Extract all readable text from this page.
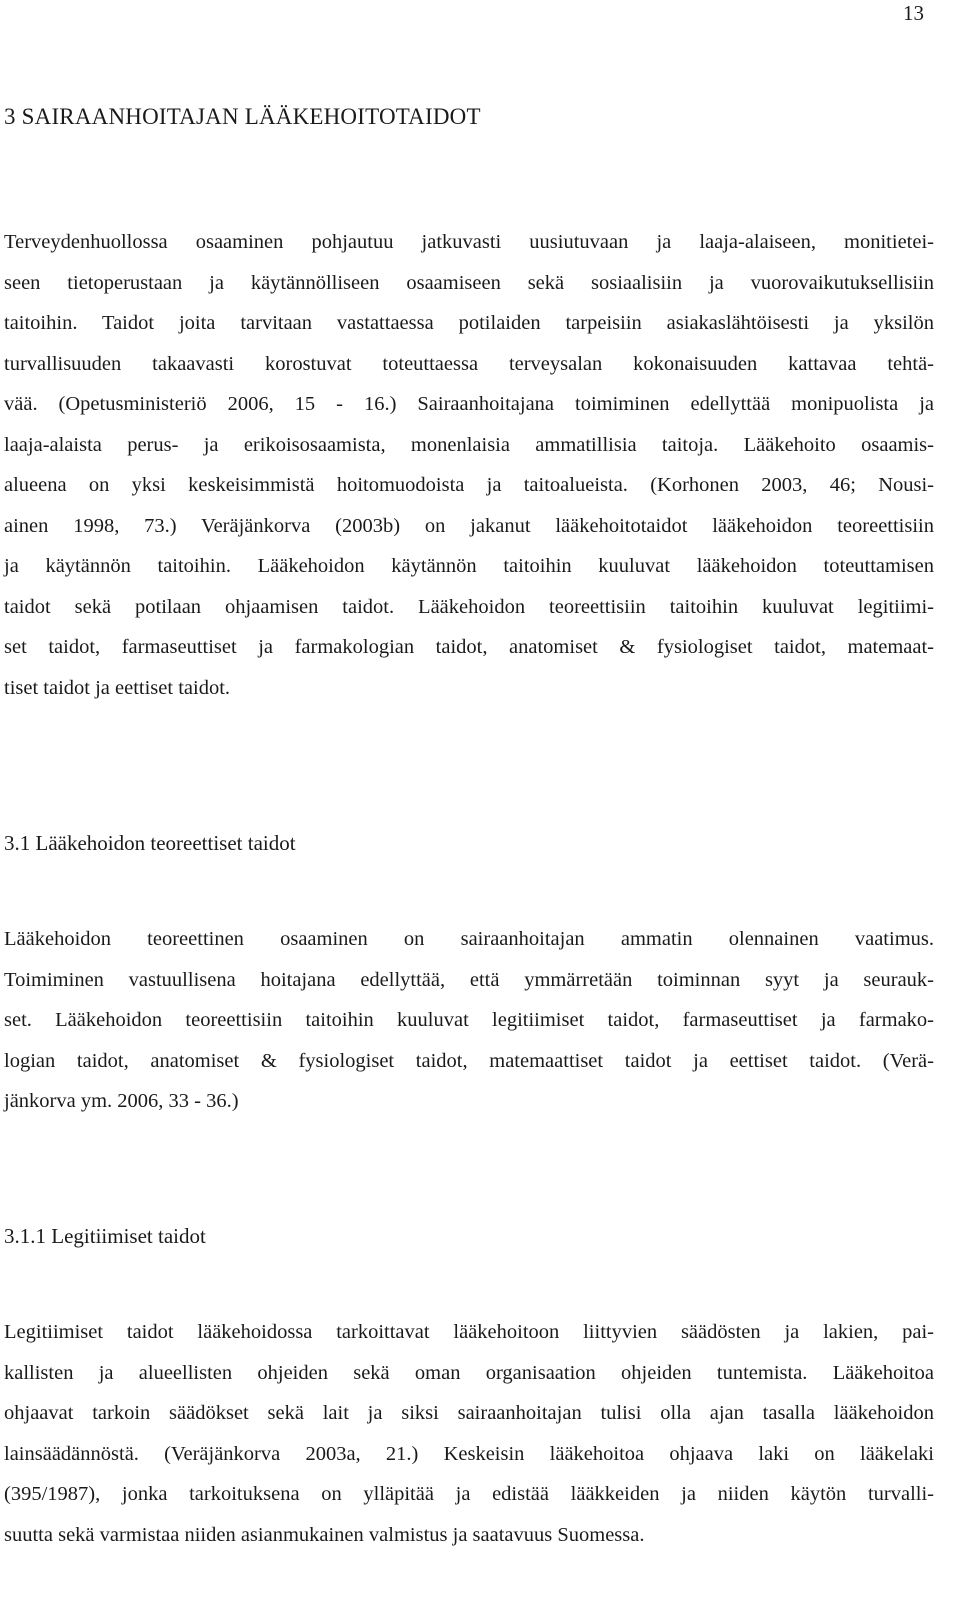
13
3 SAIRAANHOITAJAN LÄÄKEHOITOTAIDOT
Terveydenhuollossa osaaminen pohjautuu jatkuvasti uusiutuvaan ja laaja-alaiseen, monitietei-
seen tietoperustaan ja käytännölliseen osaamiseen sekä sosiaalisiin ja vuorovaikutuksellisiin
taitoihin. Taidot joita tarvitaan vastattaessa potilaiden tarpeisiin asiakaslähtöisesti ja yksilön
turvallisuuden takaavasti korostuvat toteuttaessa terveysalan kokonaisuuden kattavaa tehtä-
vää. (Opetusministeriö 2006, 15 - 16.) Sairaanhoitajana toimiminen edellyttää monipuolista ja
laaja-alaista perus- ja erikoisosaamista, monenlaisia ammatillisia taitoja. Lääkehoito osaamis-
alueena on yksi keskeisimmistä hoitomuodoista ja taitoalueista. (Korhonen 2003, 46; Nousi-
ainen 1998, 73.) Veräjänkorva (2003b) on jakanut lääkehoitotaidot lääkehoidon teoreettisiin
ja käytännön taitoihin. Lääkehoidon käytännön taitoihin kuuluvat lääkehoidon toteuttamisen
taidot sekä potilaan ohjaamisen taidot. Lääkehoidon teoreettisiin taitoihin kuuluvat legitiimi-
set taidot, farmaseuttiset ja farmakologian taidot, anatomiset & fysiologiset taidot, matemaat-
tiset taidot ja eettiset taidot.
3.1 Lääkehoidon teoreettiset taidot
Lääkehoidon teoreettinen osaaminen on sairaanhoitajan ammatin olennainen vaatimus.
Toimiminen vastuullisena hoitajana edellyttää, että ymmärretään toiminnan syyt ja seurauk-
set. Lääkehoidon teoreettisiin taitoihin kuuluvat legitiimiset taidot, farmaseuttiset ja farmako-
logian taidot, anatomiset & fysiologiset taidot, matemaattiset taidot ja eettiset taidot. (Verä-
jänkorva ym. 2006, 33 - 36.)
3.1.1 Legitiimiset taidot
Legitiimiset taidot lääkehoidossa tarkoittavat lääkehoitoon liittyvien säädösten ja lakien, pai-
kallisten ja alueellisten ohjeiden sekä oman organisaation ohjeiden tuntemista. Lääkehoitoa
ohjaavat tarkoin säädökset sekä lait ja siksi sairaanhoitajan tulisi olla ajan tasalla lääkehoidon
lainsäädännöstä. (Veräjänkorva 2003a, 21.) Keskeisin lääkehoitoa ohjaava laki on lääkelaki
(395/1987), jonka tarkoituksena on ylläpitää ja edistää lääkkeiden ja niiden käytön turvalli-
suutta sekä varmistaa niiden asianmukainen valmistus ja saatavuus Suomessa.
